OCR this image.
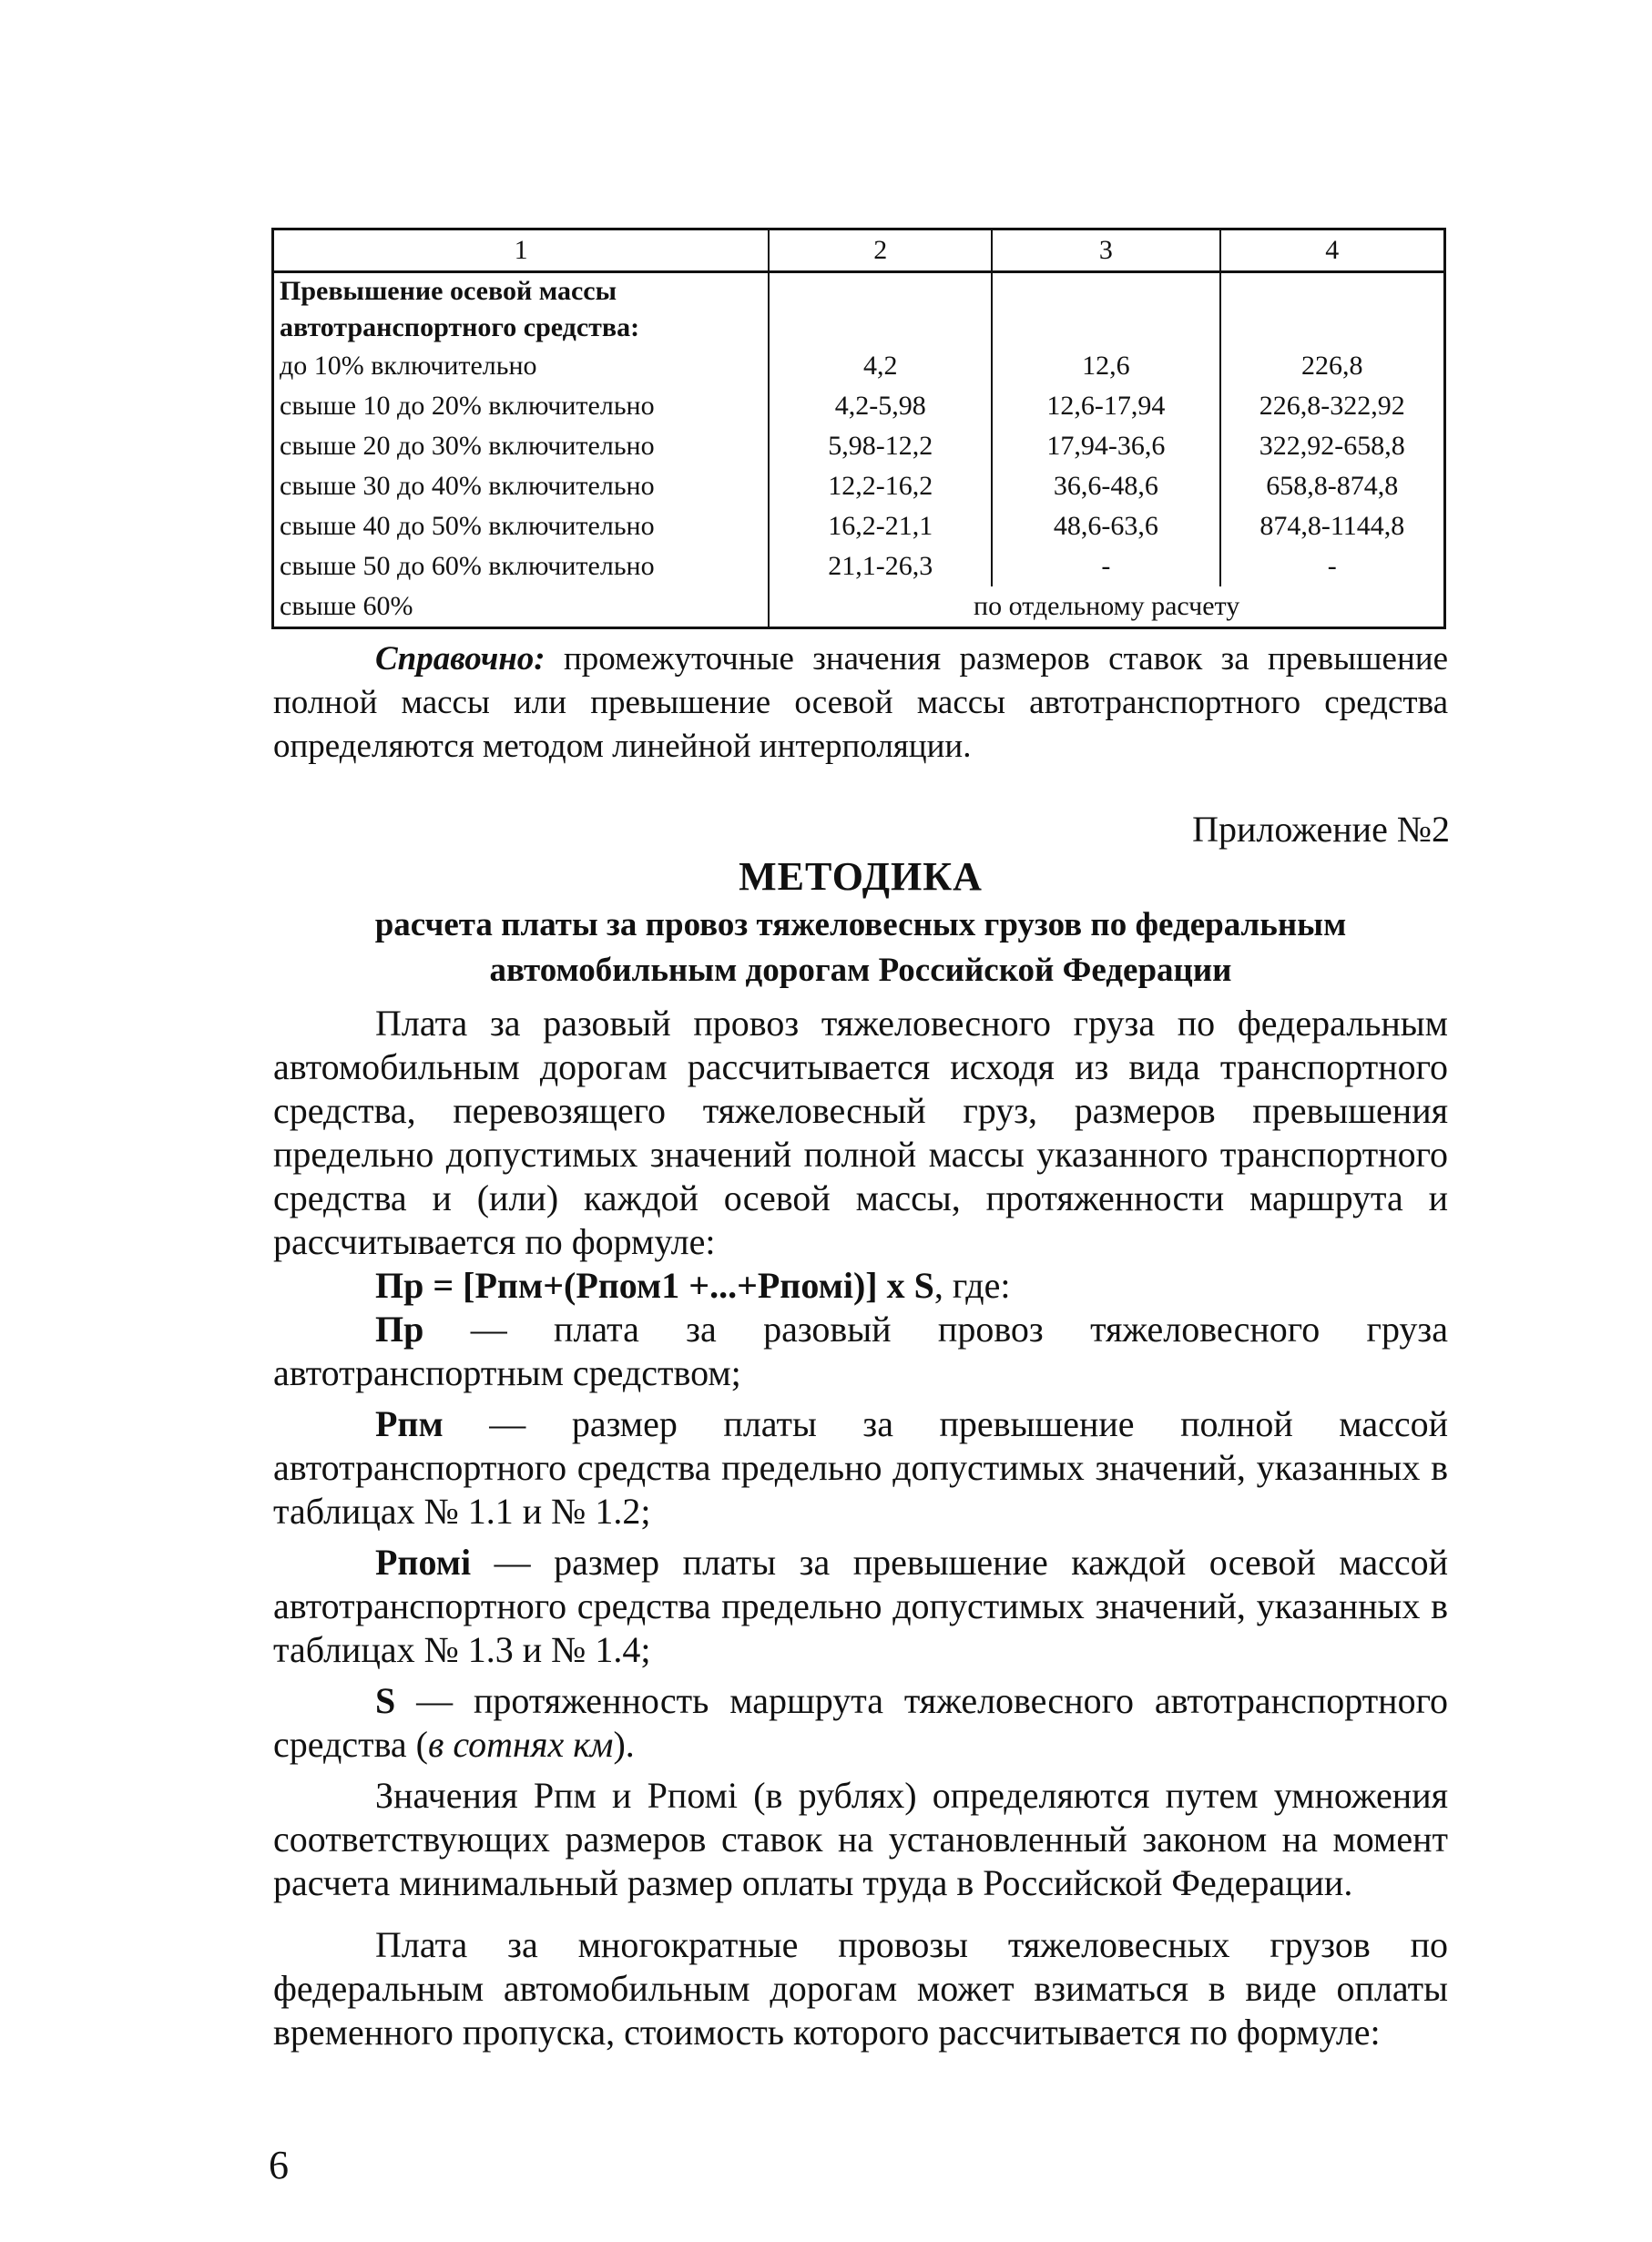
1	2	3	4
Превышение осевой массы автотранспортного средства:			
до 10% включительно	4,2	12,6	226,8
свыше 10 до 20% включительно	4,2-5,98	12,6-17,94	226,8-322,92
свыше 20 до 30% включительно	5,98-12,2	17,94-36,6	322,92-658,8
свыше 30 до 40% включительно	12,2-16,2	36,6-48,6	658,8-874,8
свыше 40 до 50% включительно	16,2-21,1	48,6-63,6	874,8-1144,8
свыше 50 до 60% включительно	21,1-26,3	-	-
свыше 60%	по отдельному расчету		

Справочно: промежуточные значения размеров ставок за превышение полной массы или превышение осевой массы автотранспортного средства определяются методом линейной интерполяции.

Приложение №2
МЕТОДИКА
расчета платы за провоз тяжеловесных грузов по федеральным
автомобильным дорогам Российской Федерации

Плата за разовый провоз тяжеловесного груза по федеральным автомобильным дорогам рассчитывается исходя из вида транспортного средства, перевозящего тяжеловесный груз, размеров превышения предельно допустимых значений полной массы указанного транспортного средства и (или) каждой осевой массы, протяженности маршрута и рассчитывается по формуле:

Пр = [Рпм+(Рпом1 +...+Рпомі)] х S, где:

Пр — плата за разовый провоз тяжеловесного груза автотранспортным средством;

Рпм — размер платы за превышение полной массой автотранспортного средства предельно допустимых значений, указанных в таблицах № 1.1 и № 1.2;

Рпомі — размер платы за превышение каждой осевой массой автотранспортного средства предельно допустимых значений, указанных в таблицах № 1.3 и № 1.4;

S — протяженность маршрута тяжеловесного автотранспортного средства (в сотнях км).

Значения Рпм и Рпомі (в рублях) определяются путем умножения соответствующих размеров ставок на установленный законом на момент расчета минимальный размер оплаты труда в Российской Федерации.

Плата за многократные провозы тяжеловесных грузов по федеральным автомобильным дорогам может взиматься в виде оплаты временного пропуска, стоимость которого рассчитывается по формуле:

6
